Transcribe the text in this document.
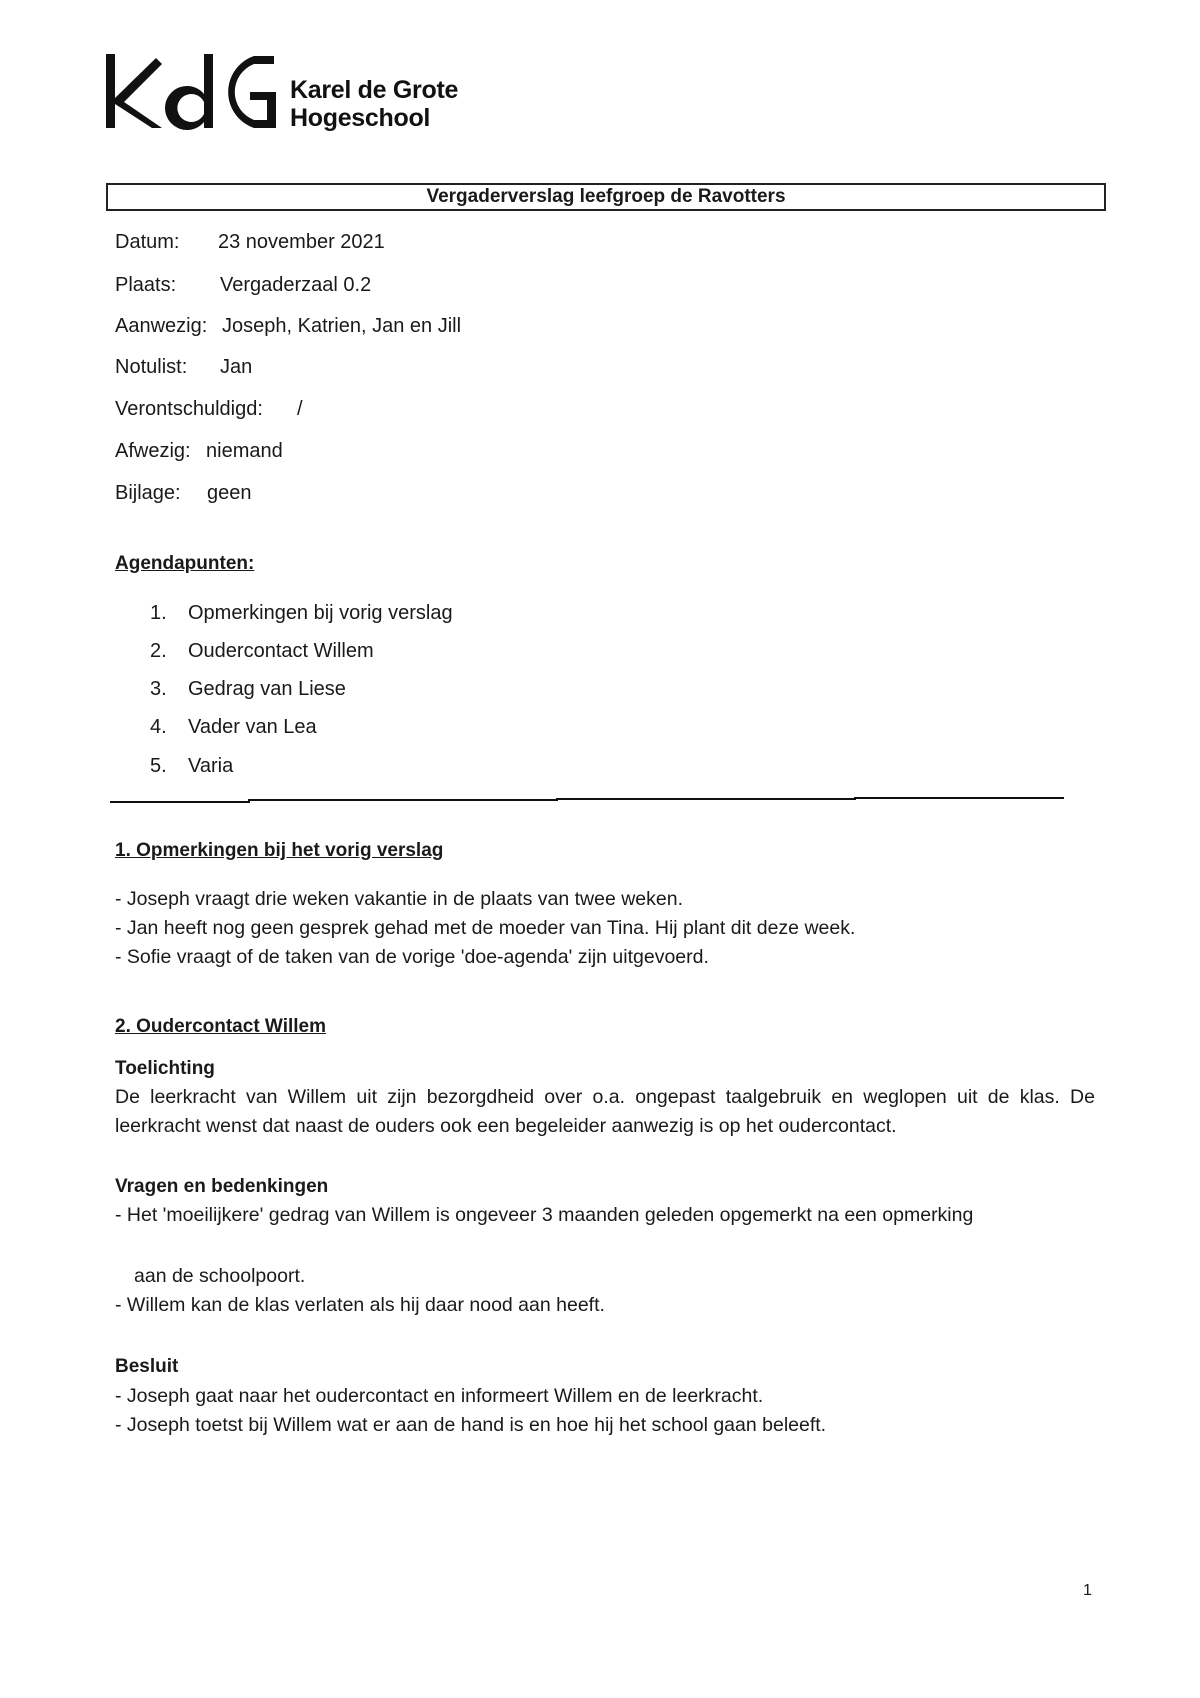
Karel de Grote
Hogeschool
Vergaderverslag leefgroep de Ravotters
Datum: 23 november 2021
Plaats: Vergaderzaal 0.2
Aanwezig: Joseph, Katrien, Jan en Jill
Notulist: Jan
Verontschuldigd: /
Afwezig: niemand
Bijlage: geen
Agendapunten:
1. Opmerkingen bij vorig verslag
2. Oudercontact Willem
3. Gedrag van Liese
4. Vader van Lea
5. Varia
1. Opmerkingen bij het vorig verslag
- Joseph vraagt drie weken vakantie in de plaats van twee weken.
- Jan heeft nog geen gesprek gehad met de moeder van Tina. Hij plant dit deze week.
- Sofie vraagt of de taken van de vorige 'doe-agenda' zijn uitgevoerd.
2. Oudercontact Willem
Toelichting
De leerkracht van Willem uit zijn bezorgdheid over o.a. ongepast taalgebruik en weglopen uit de klas. De leerkracht wenst dat naast de ouders ook een begeleider aanwezig is op het oudercontact.
Vragen en bedenkingen
- Het 'moeilijkere' gedrag van Willem is ongeveer 3 maanden geleden opgemerkt na een opmerking
aan de schoolpoort.
- Willem kan de klas verlaten als hij daar nood aan heeft.
Besluit
- Joseph gaat naar het oudercontact en informeert Willem en de leerkracht.
- Joseph toetst bij Willem wat er aan de hand is en hoe hij het school gaan beleeft.
1
